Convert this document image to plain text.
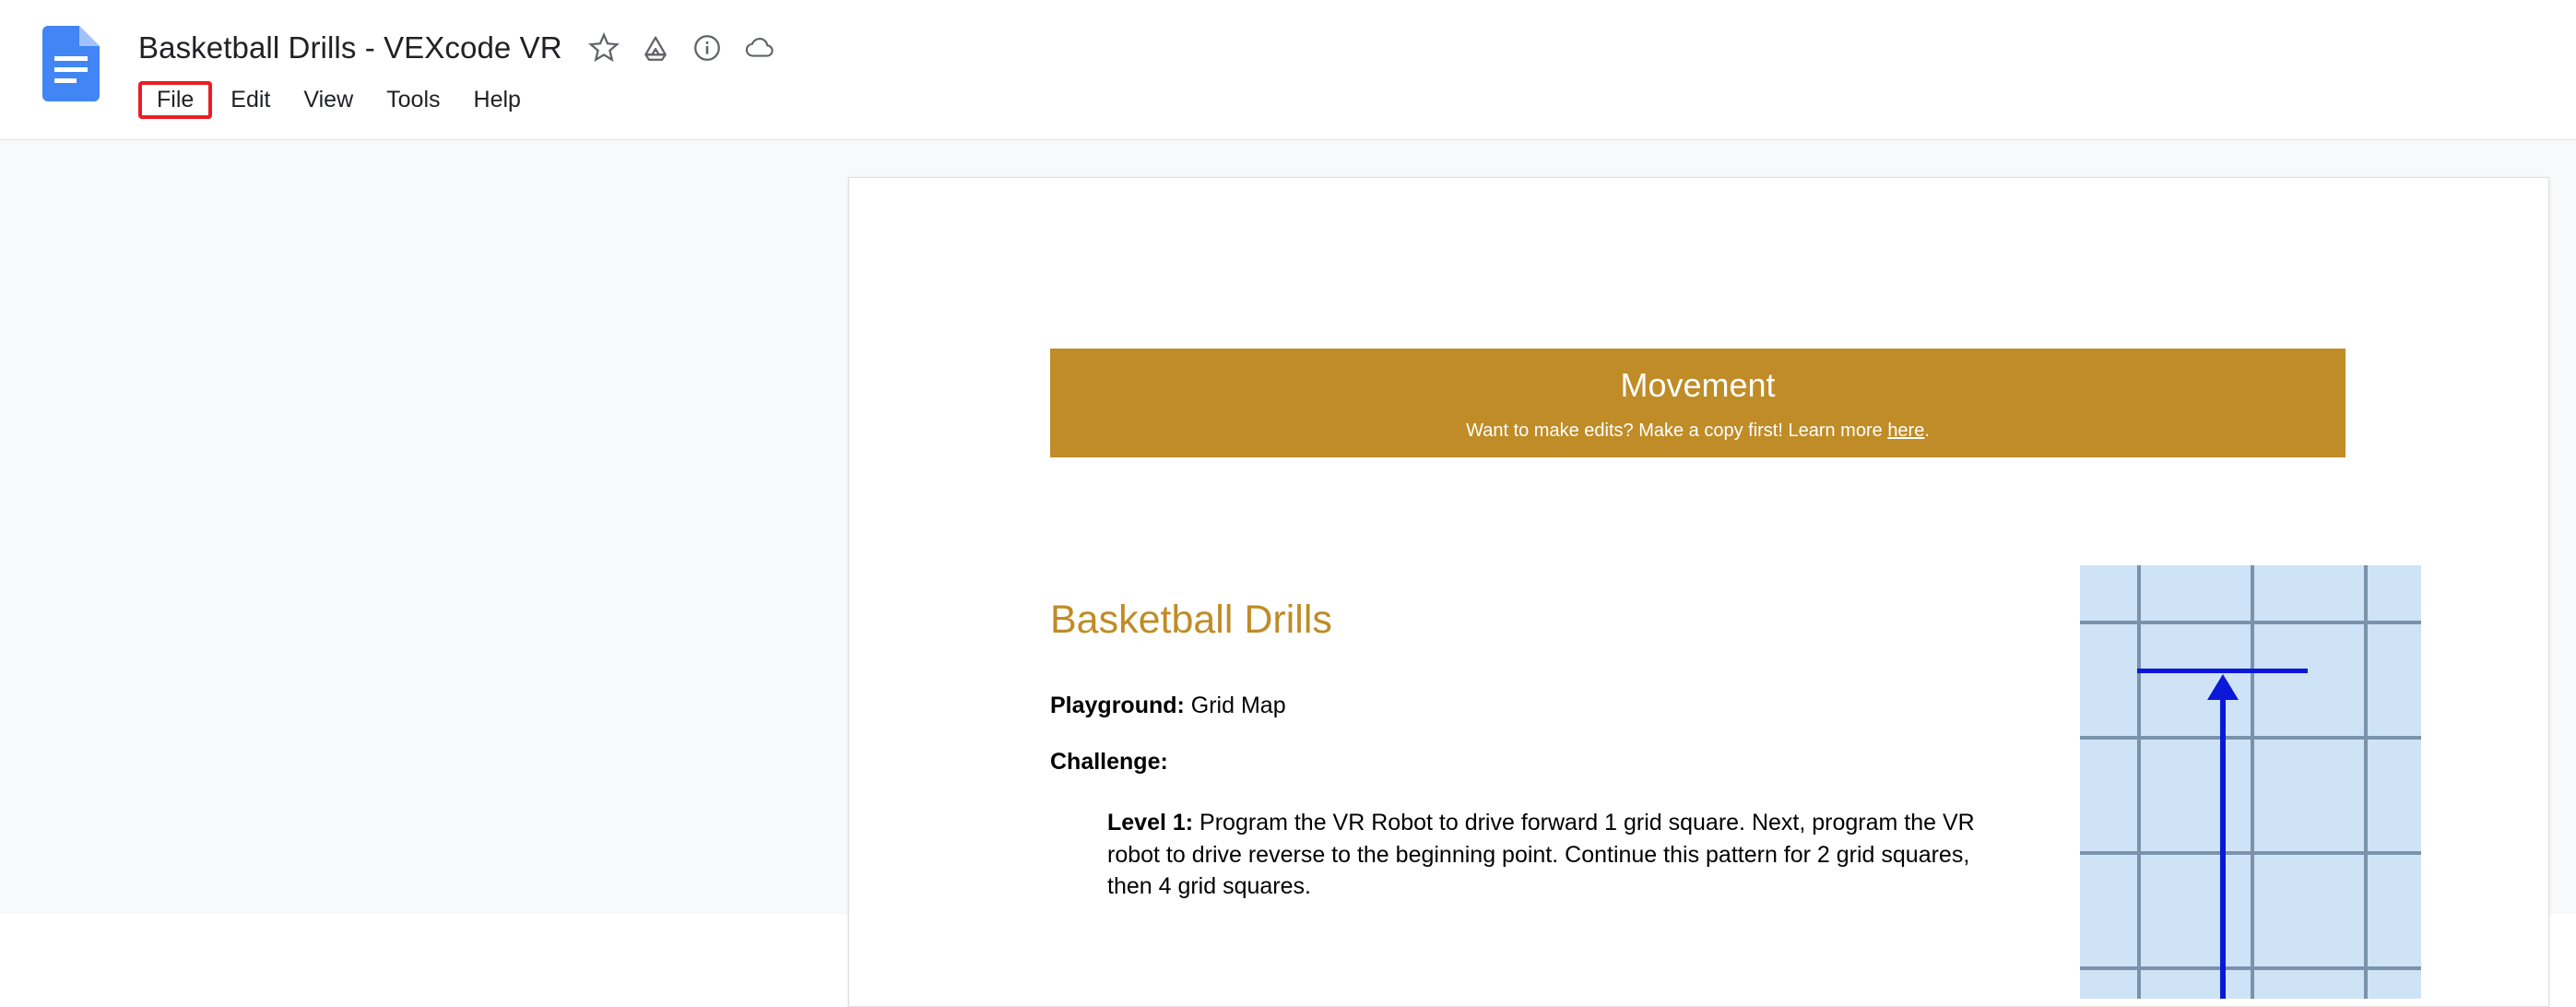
Basketball Drills - VEXcode VR
File	Edit	View	Tools	Help
Movement
Want to make edits? Make a copy first! Learn more here.
Basketball Drills
Playground: Grid Map
Challenge:
Level 1: Program the VR Robot to drive forward 1 grid square. Next, program the VR robot to drive reverse to the beginning point. Continue this pattern for 2 grid squares, then 4 grid squares.
